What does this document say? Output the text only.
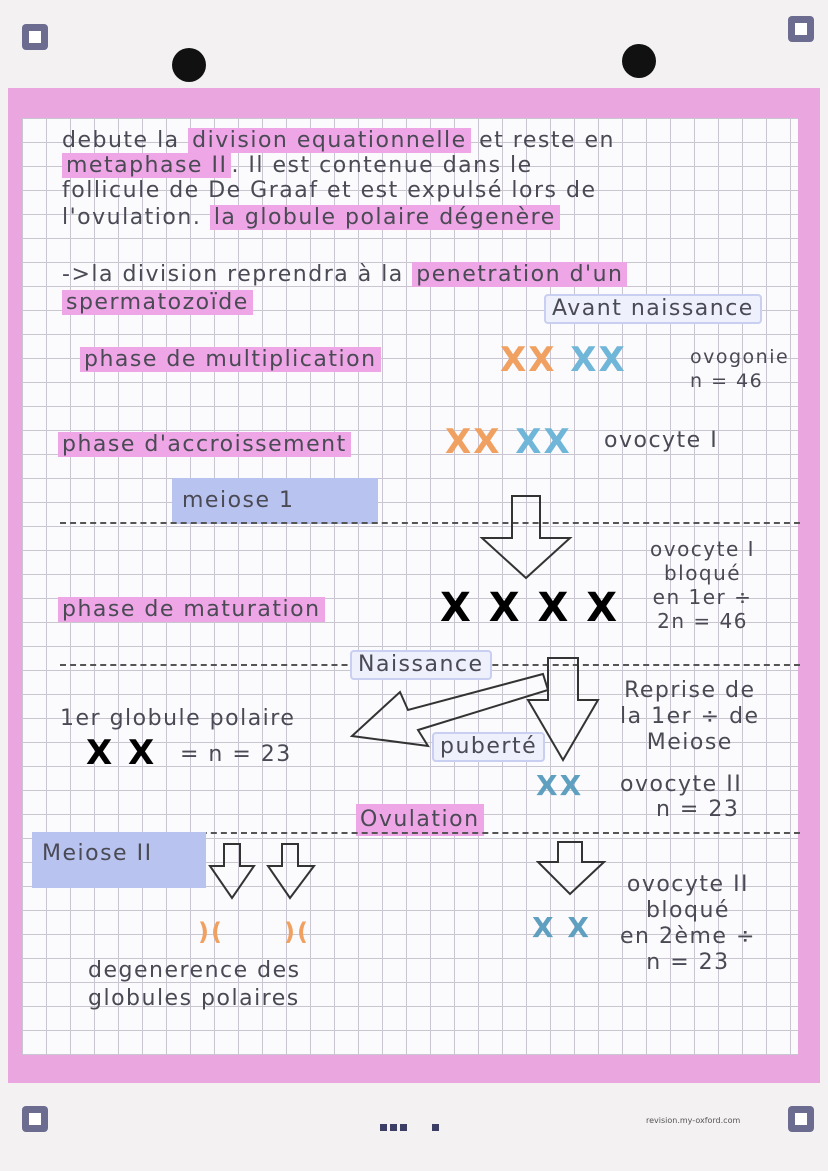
debute la division equationnelle et reste en
metaphase II . Il est contenue dans le
follicule de De Graaf et est expulsé lors de
l'ovulation. la globule polaire dégenère
->la division reprendra à la penetration d'un
spermatozoïde	Avant naissance
phase de multiplication	XX XX	ovogonie
n = 46
phase d'accroissement	XX XX ovocyte I
meiose 1
phase de maturation	X X X X
ovocyte I
bloqué
en 1er ÷
2n = 46
Naissance
1er globule polaire
X X = n = 23
Reprise de
la 1er ÷ de
Meiose
puberté
XX ovocyte II
n = 23
Ovulation
Meiose II
)(	)(
degenerence des
globules polaires
X X
ovocyte II
bloqué
en 2ème ÷
n = 23
revision.my-oxford.com
